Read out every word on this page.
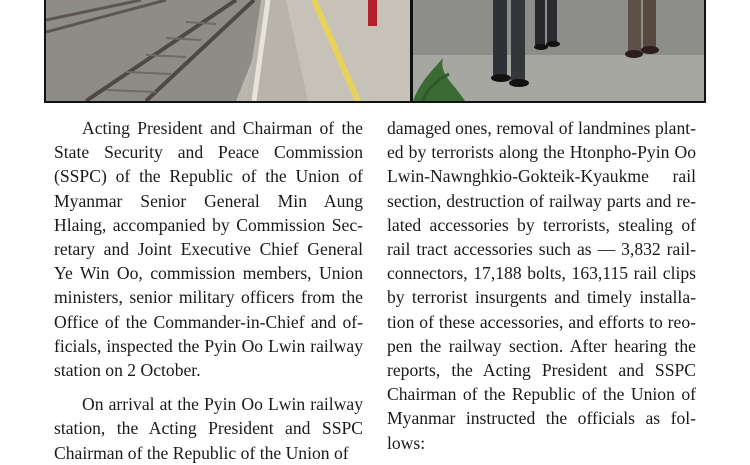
Acting President and Chairman of the State Security and Peace Commission (SSPC) of the Republic of the Union of Myanmar Senior General Min Aung Hlaing, accompanied by Commission Secretary and Joint Executive Chief General Ye Win Oo, commission members, Union ministers, senior military officers from the Office of the Commander-in-Chief and officials, inspected the Pyin Oo Lwin railway station on 2 October.

On arrival at the Pyin Oo Lwin railway station, the Acting President and SSPC Chairman of the Republic of the Union of

damaged ones, removal of landmines planted by terrorists along the Htonpho-Pyin Oo Lwin-Nawnghkio-Gokteik-Kyaukme rail section, destruction of railway parts and related accessories by terrorists, stealing of rail tract accessories such as — 3,832 rail-connectors, 17,188 bolts, 163,115 rail clips by terrorist insurgents and timely installation of these accessories, and efforts to reopen the railway section. After hearing the reports, the Acting President and SSPC Chairman of the Republic of the Union of Myanmar instructed the officials as follows:
